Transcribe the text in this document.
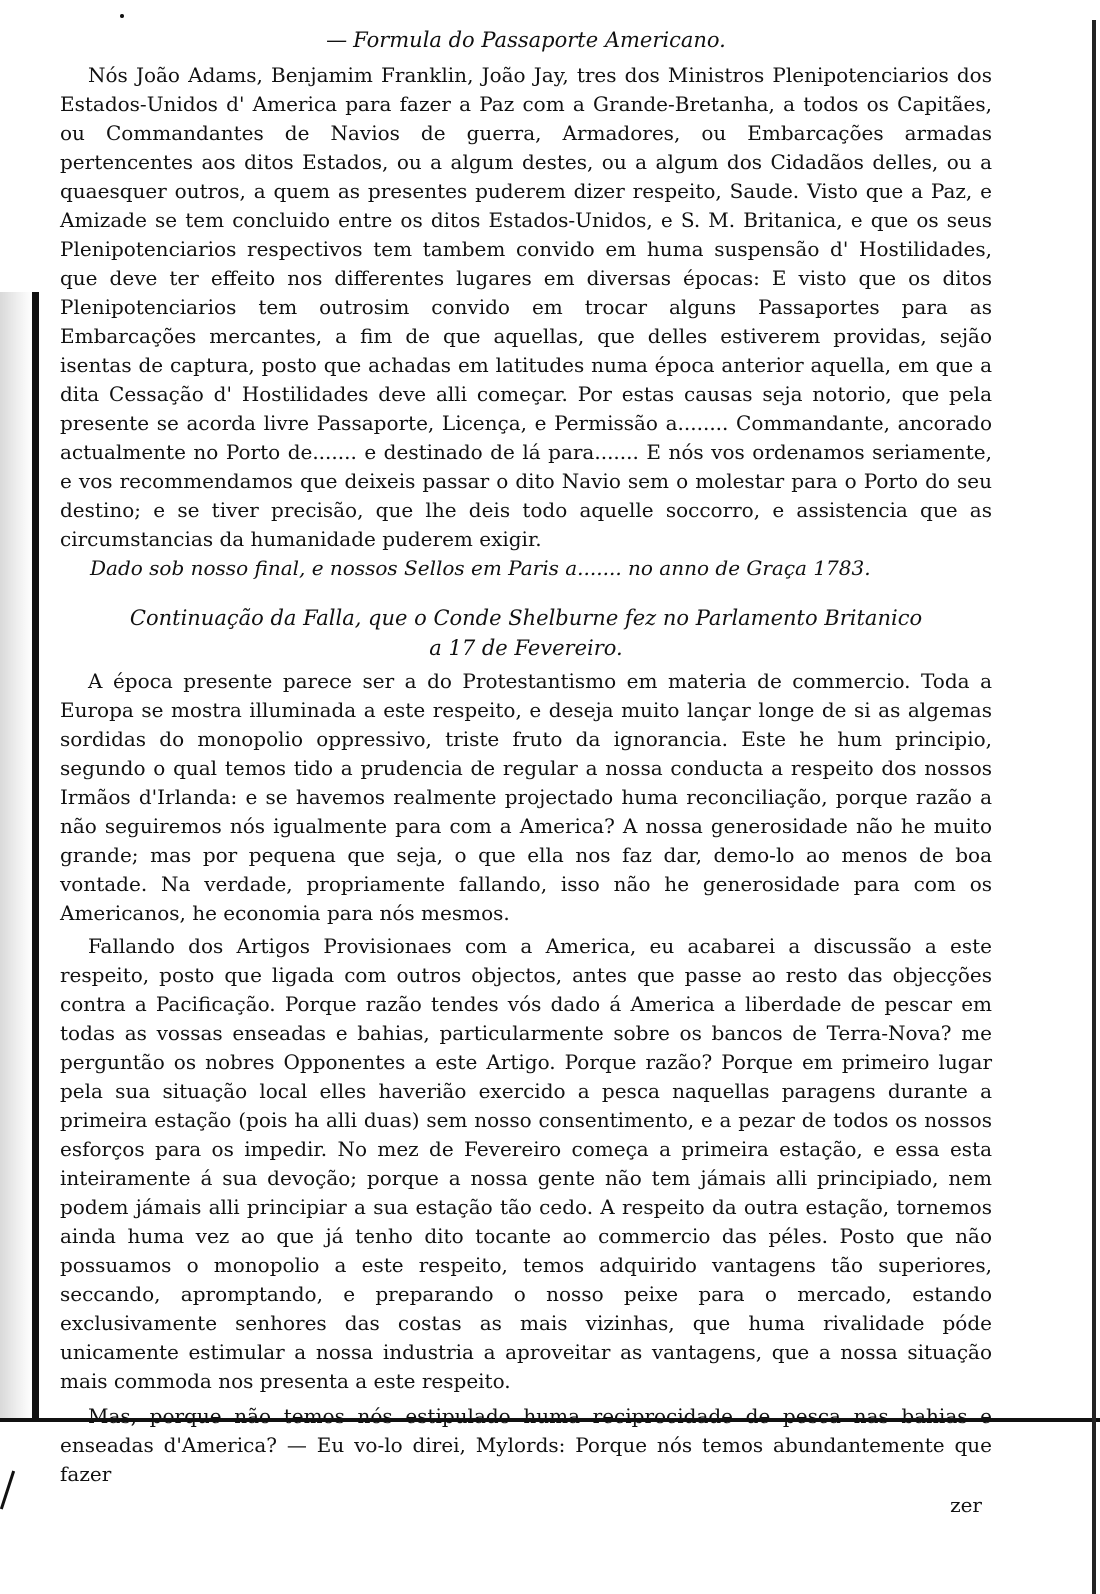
— Formula do Passaporte Americano.

Nós João Adams, Benjamim Franklin, João Jay, tres dos Ministros Plenipotenciarios dos Estados-Unidos d' America para fazer a Paz com a Grande-Bretanha, a todos os Capitães, ou Commandantes de Navios de guerra, Armadores, ou Embarcações armadas pertencentes aos ditos Estados, ou a algum destes, ou a algum dos Cidadãos delles, ou a quaesquer outros, a quem as presentes puderem dizer respeito, Saude. Visto que a Paz, e Amizade se tem concluido entre os ditos Estados-Unidos, e S. M. Britanica, e que os seus Plenipotenciarios respectivos tem tambem convido em huma suspensão d' Hostilidades, que deve ter effeito nos differentes lugares em diversas épocas: E visto que os ditos Plenipotenciarios tem outrosim convido em trocar alguns Passaportes para as Embarcações mercantes, a fim de que aquellas, que delles estiverem providas, sejão isentas de captura, posto que achadas em latitudes numa época anterior aquella, em que a dita Cessação d' Hostilidades deve alli começar. Por estas causas seja notorio, que pela presente se acorda livre Passaporte, Licença, e Permissão a........ Commandante, ancorado actualmente no Porto de....... e destinado de lá para....... E nós vos ordenamos seriamente, e vos recommendamos que deixeis passar o dito Navio sem o molestar para o Porto do seu destino; e se tiver precisão, que lhe deis todo aquelle soccorro, e assistencia que as circumstancias da humanidade puderem exigir.

Dado sob nosso final, e nossos Sellos em Paris a....... no anno de Graça 1783.

Continuação da Falla, que o Conde Shelburne fez no Parlamento Britanico
a 17 de Fevereiro.

A época presente parece ser a do Protestantismo em materia de commercio. Toda a Europa se mostra illuminada a este respeito, e deseja muito lançar longe de si as algemas sordidas do monopolio oppressivo, triste fruto da ignorancia. Este he hum principio, segundo o qual temos tido a prudencia de regular a nossa conducta a respeito dos nossos Irmãos d'Irlanda: e se havemos realmente projectado huma reconciliação, porque razão a não seguiremos nós igualmente para com a America? A nossa generosidade não he muito grande; mas por pequena que seja, o que ella nos faz dar, demo-lo ao menos de boa vontade. Na verdade, propriamente fallando, isso não he generosidade para com os Americanos, he economia para nós mesmos.

Fallando dos Artigos Provisionaes com a America, eu acabarei a discussão a este respeito, posto que ligada com outros objectos, antes que passe ao resto das objecções contra a Pacificação. Porque razão tendes vós dado á America a liberdade de pescar em todas as vossas enseadas e bahias, particularmente sobre os bancos de Terra-Nova? me perguntão os nobres Opponentes a este Artigo. Porque razão? Porque em primeiro lugar pela sua situação local elles haverião exercido a pesca naquellas paragens durante a primeira estação (pois ha alli duas) sem nosso consentimento, e a pezar de todos os nossos esforços para os impedir. No mez de Fevereiro começa a primeira estação, e essa esta inteiramente á sua devoção; porque a nossa gente não tem jámais alli principiado, nem podem jámais alli principiar a sua estação tão cedo. A respeito da outra estação, tornemos ainda huma vez ao que já tenho dito tocante ao commercio das péles. Posto que não possuamos o monopolio a este respeito, temos adquirido vantagens tão superiores, seccando, apromptando, e preparando o nosso peixe para o mercado, estando exclusivamente senhores das costas as mais vizinhas, que huma rivalidade póde unicamente estimular a nossa industria a aproveitar as vantagens, que a nossa situação mais commoda nos presenta a este respeito.

Mas, porque não temos nós estipulado huma reciprocidade de pesca nas bahias e enseadas d'America? — Eu vo-lo direi, Mylords: Porque nós temos abundantemente que fazer

zer
